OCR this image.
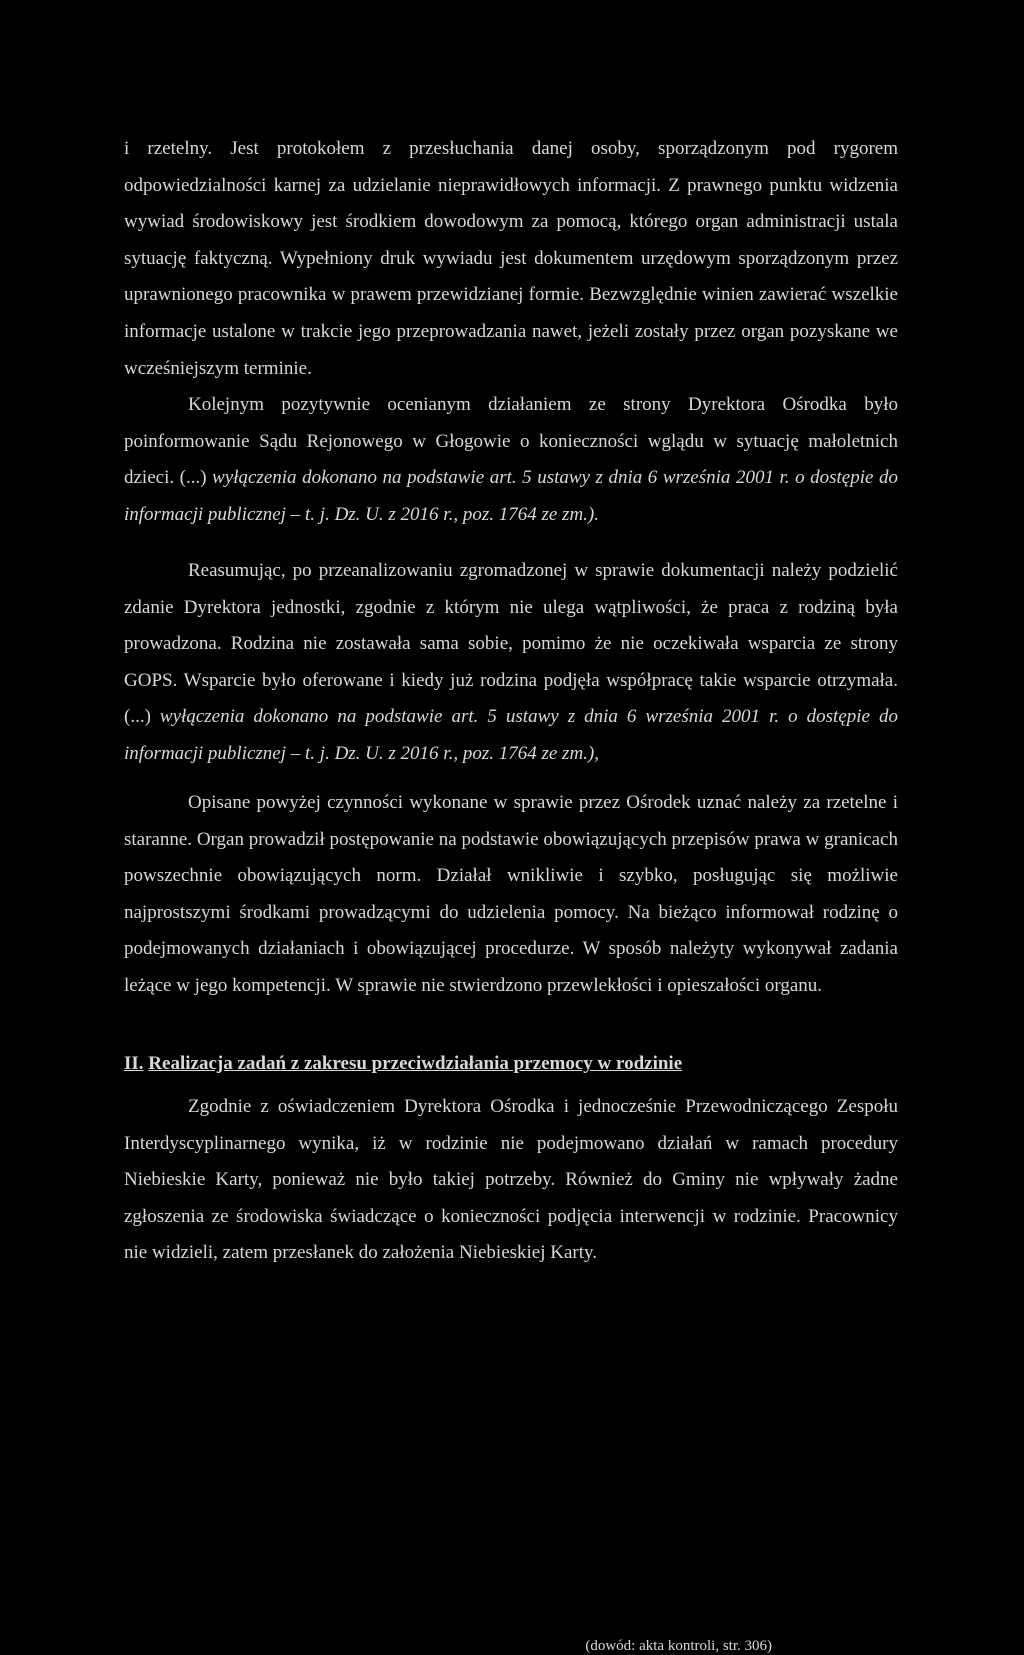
i rzetelny. Jest protokołem z przesłuchania danej osoby, sporządzonym pod rygorem odpowiedzialności karnej za udzielanie nieprawidłowych informacji. Z prawnego punktu widzenia wywiad środowiskowy jest środkiem dowodowym za pomocą, którego organ administracji ustala sytuację faktyczną. Wypełniony druk wywiadu jest dokumentem urzędowym sporządzonym przez uprawnionego pracownika w prawem przewidzianej formie. Bezwzględnie winien zawierać wszelkie informacje ustalone w trakcie jego przeprowadzania nawet, jeżeli zostały przez organ pozyskane we wcześniejszym terminie.

Kolejnym pozytywnie ocenianym działaniem ze strony Dyrektora Ośrodka było poinformowanie Sądu Rejonowego w Głogowie o konieczności wglądu w sytuację małoletnich dzieci. (...) wyłączenia dokonano na podstawie art. 5 ustawy z dnia 6 września 2001 r. o dostępie do informacji publicznej – t. j. Dz. U. z 2016 r., poz. 1764 ze zm.).

Reasumując, po przeanalizowaniu zgromadzonej w sprawie dokumentacji należy podzielić zdanie Dyrektora jednostki, zgodnie z którym nie ulega wątpliwości, że praca z rodziną była prowadzona. Rodzina nie zostawała sama sobie, pomimo że nie oczekiwała wsparcia ze strony GOPS. Wsparcie było oferowane i kiedy już rodzina podjęła współpracę takie wsparcie otrzymała. (...) wyłączenia dokonano na podstawie art. 5 ustawy z dnia 6 września 2001 r. o dostępie do informacji publicznej – t. j. Dz. U. z 2016 r., poz. 1764 ze zm.),

Opisane powyżej czynności wykonane w sprawie przez Ośrodek uznać należy za rzetelne i staranne. Organ prowadził postępowanie na podstawie obowiązujących przepisów prawa w granicach powszechnie obowiązujących norm. Działał wnikliwie i szybko, posługując się możliwie najprostszymi środkami prowadzącymi do udzielenia pomocy. Na bieżąco informował rodzinę o podejmowanych działaniach i obowiązującej procedurze. W sposób należyty wykonywał zadania leżące w jego kompetencji. W sprawie nie stwierdzono przewlekłości i opieszałości organu.

II. Realizacja zadań z zakresu przeciwdziałania przemocy w rodzinie

Zgodnie z oświadczeniem Dyrektora Ośrodka i jednocześnie Przewodniczącego Zespołu Interdyscyplinarnego wynika, iż w rodzinie nie podejmowano działań w ramach procedury Niebieskie Karty, ponieważ nie było takiej potrzeby. Również do Gminy nie wpływały żadne zgłoszenia ze środowiska świadczące o konieczności podjęcia interwencji w rodzinie. Pracownicy nie widzieli, zatem przesłanek do założenia Niebieskiej Karty.

(dowód: akta kontroli, str. 306)
